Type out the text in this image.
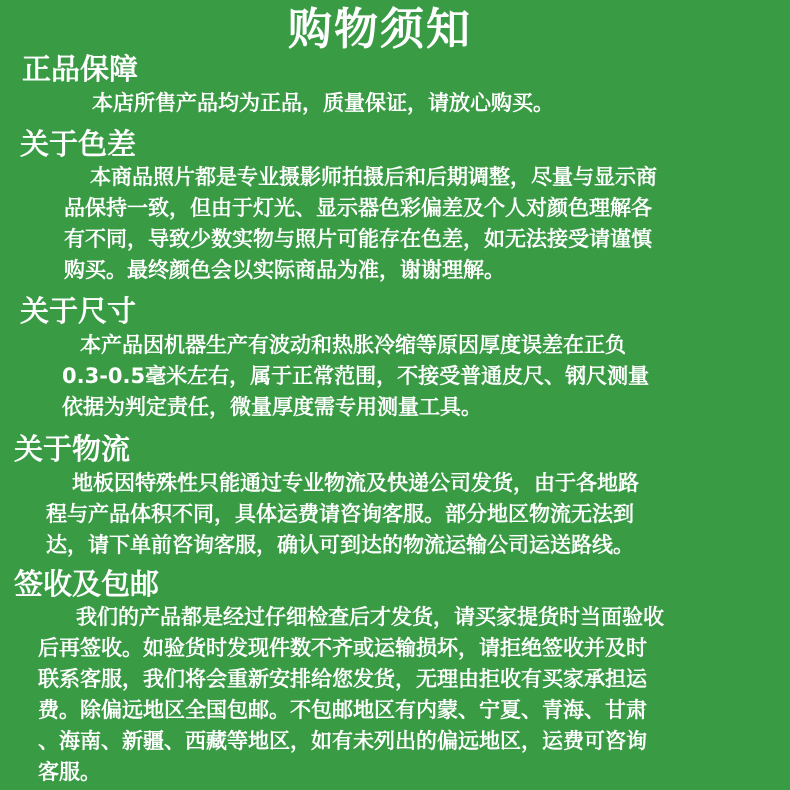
购物须知
正品保障
本店所售产品均为正品，质量保证，请放心购买。
关于色差
本商品照片都是专业摄影师拍摄后和后期调整，尽量与显示商
品保持一致，但由于灯光、显示器色彩偏差及个人对颜色理解各
有不同，导致少数实物与照片可能存在色差，如无法接受请谨慎
购买。最终颜色会以实际商品为准，谢谢理解。
关于尺寸
本产品因机器生产有波动和热胀冷缩等原因厚度误差在正负
0.3-0.5毫米左右，属于正常范围，不接受普通皮尺、钢尺测量
依据为判定责任，微量厚度需专用测量工具。
关于物流
地板因特殊性只能通过专业物流及快递公司发货，由于各地路
程与产品体积不同，具体运费请咨询客服。部分地区物流无法到
达，请下单前咨询客服，确认可到达的物流运输公司运送路线。
签收及包邮
我们的产品都是经过仔细检查后才发货，请买家提货时当面验收
后再签收。如验货时发现件数不齐或运输损坏，请拒绝签收并及时
联系客服，我们将会重新安排给您发货，无理由拒收有买家承担运
费。除偏远地区全国包邮。不包邮地区有内蒙、宁夏、青海、甘肃
、海南、新疆、西藏等地区，如有未列出的偏远地区，运费可咨询
客服。
